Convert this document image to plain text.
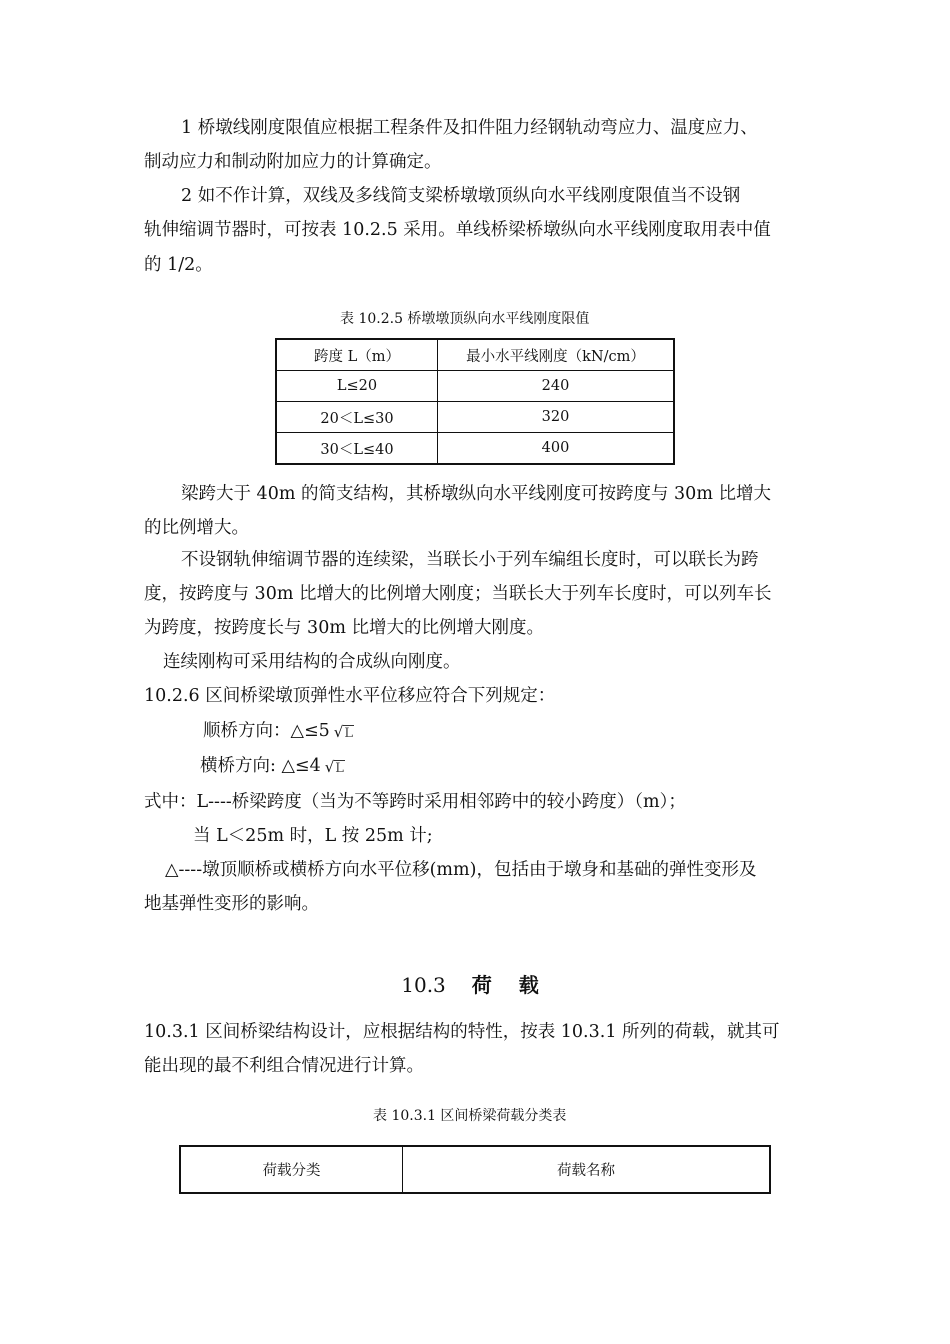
1 桥墩线刚度限值应根据工程条件及扣件阻力经钢轨动弯应力、温度应力、
制动应力和制动附加应力的计算确定。
2 如不作计算，双线及多线简支梁桥墩墩顶纵向水平线刚度限值当不设钢
轨伸缩调节器时，可按表 10.2.5 采用。单线桥梁桥墩纵向水平线刚度取用表中值
的 1/2。
表 10.2.5 桥墩墩顶纵向水平线刚度限值
跨度 L（m）	最小水平线刚度（kN/cm）
L≤20	240
20＜L≤30	320
30＜L≤40	400
梁跨大于 40m 的简支结构，其桥墩纵向水平线刚度可按跨度与 30m 比增大
的比例增大。
不设钢轨伸缩调节器的连续梁，当联长小于列车编组长度时，可以联长为跨
度，按跨度与 30m 比增大的比例增大刚度；当联长大于列车长度时，可以列车长
为跨度，按跨度长与 30m 比增大的比例增大刚度。
连续刚构可采用结构的合成纵向刚度。
10.2.6 区间桥梁墩顶弹性水平位移应符合下列规定：
顺桥方向：△≤5 √L
横桥方向: △≤4 √L
式中：L----桥梁跨度（当为不等跨时采用相邻跨中的较小跨度）（m）；
当 L＜25m 时，L 按 25m 计;
△----墩顶顺桥或横桥方向水平位移(mm)，包括由于墩身和基础的弹性变形及
地基弹性变形的影响。
10.3 荷 载
10.3.1 区间桥梁结构设计，应根据结构的特性，按表 10.3.1 所列的荷载，就其可
能出现的最不利组合情况进行计算。
表 10.3.1 区间桥梁荷载分类表
荷载分类	荷载名称
